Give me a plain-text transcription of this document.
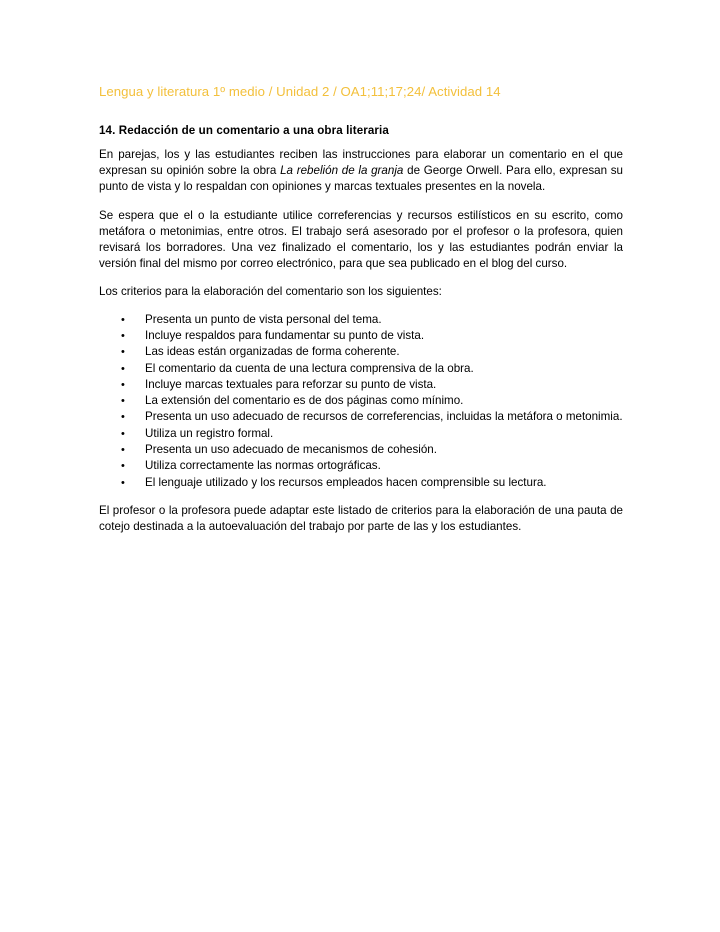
Lengua y literatura 1º medio / Unidad 2 / OA1;11;17;24/ Actividad 14
14. Redacción de un comentario a una obra literaria

En parejas, los y las estudiantes reciben las instrucciones para elaborar un comentario en el que expresan su opinión sobre la obra La rebelión de la granja de George Orwell. Para ello, expresan su punto de vista y lo respaldan con opiniones y marcas textuales presentes en la novela.

Se espera que el o la estudiante utilice correferencias y recursos estilísticos en su escrito, como metáfora o metonimias, entre otros. El trabajo será asesorado por el profesor o la profesora, quien revisará los borradores. Una vez finalizado el comentario, los y las estudiantes podrán enviar la versión final del mismo por correo electrónico, para que sea publicado en el blog del curso.

Los criterios para la elaboración del comentario son los siguientes:

• Presenta un punto de vista personal del tema.
• Incluye respaldos para fundamentar su punto de vista.
• Las ideas están organizadas de forma coherente.
• El comentario da cuenta de una lectura comprensiva de la obra.
• Incluye marcas textuales para reforzar su punto de vista.
• La extensión del comentario es de dos páginas como mínimo.
• Presenta un uso adecuado de recursos de correferencias, incluidas la metáfora o metonimia.
• Utiliza un registro formal.
• Presenta un uso adecuado de mecanismos de cohesión.
• Utiliza correctamente las normas ortográficas.
• El lenguaje utilizado y los recursos empleados hacen comprensible su lectura.

El profesor o la profesora puede adaptar este listado de criterios para la elaboración de una pauta de cotejo destinada a la autoevaluación del trabajo por parte de las y los estudiantes.
